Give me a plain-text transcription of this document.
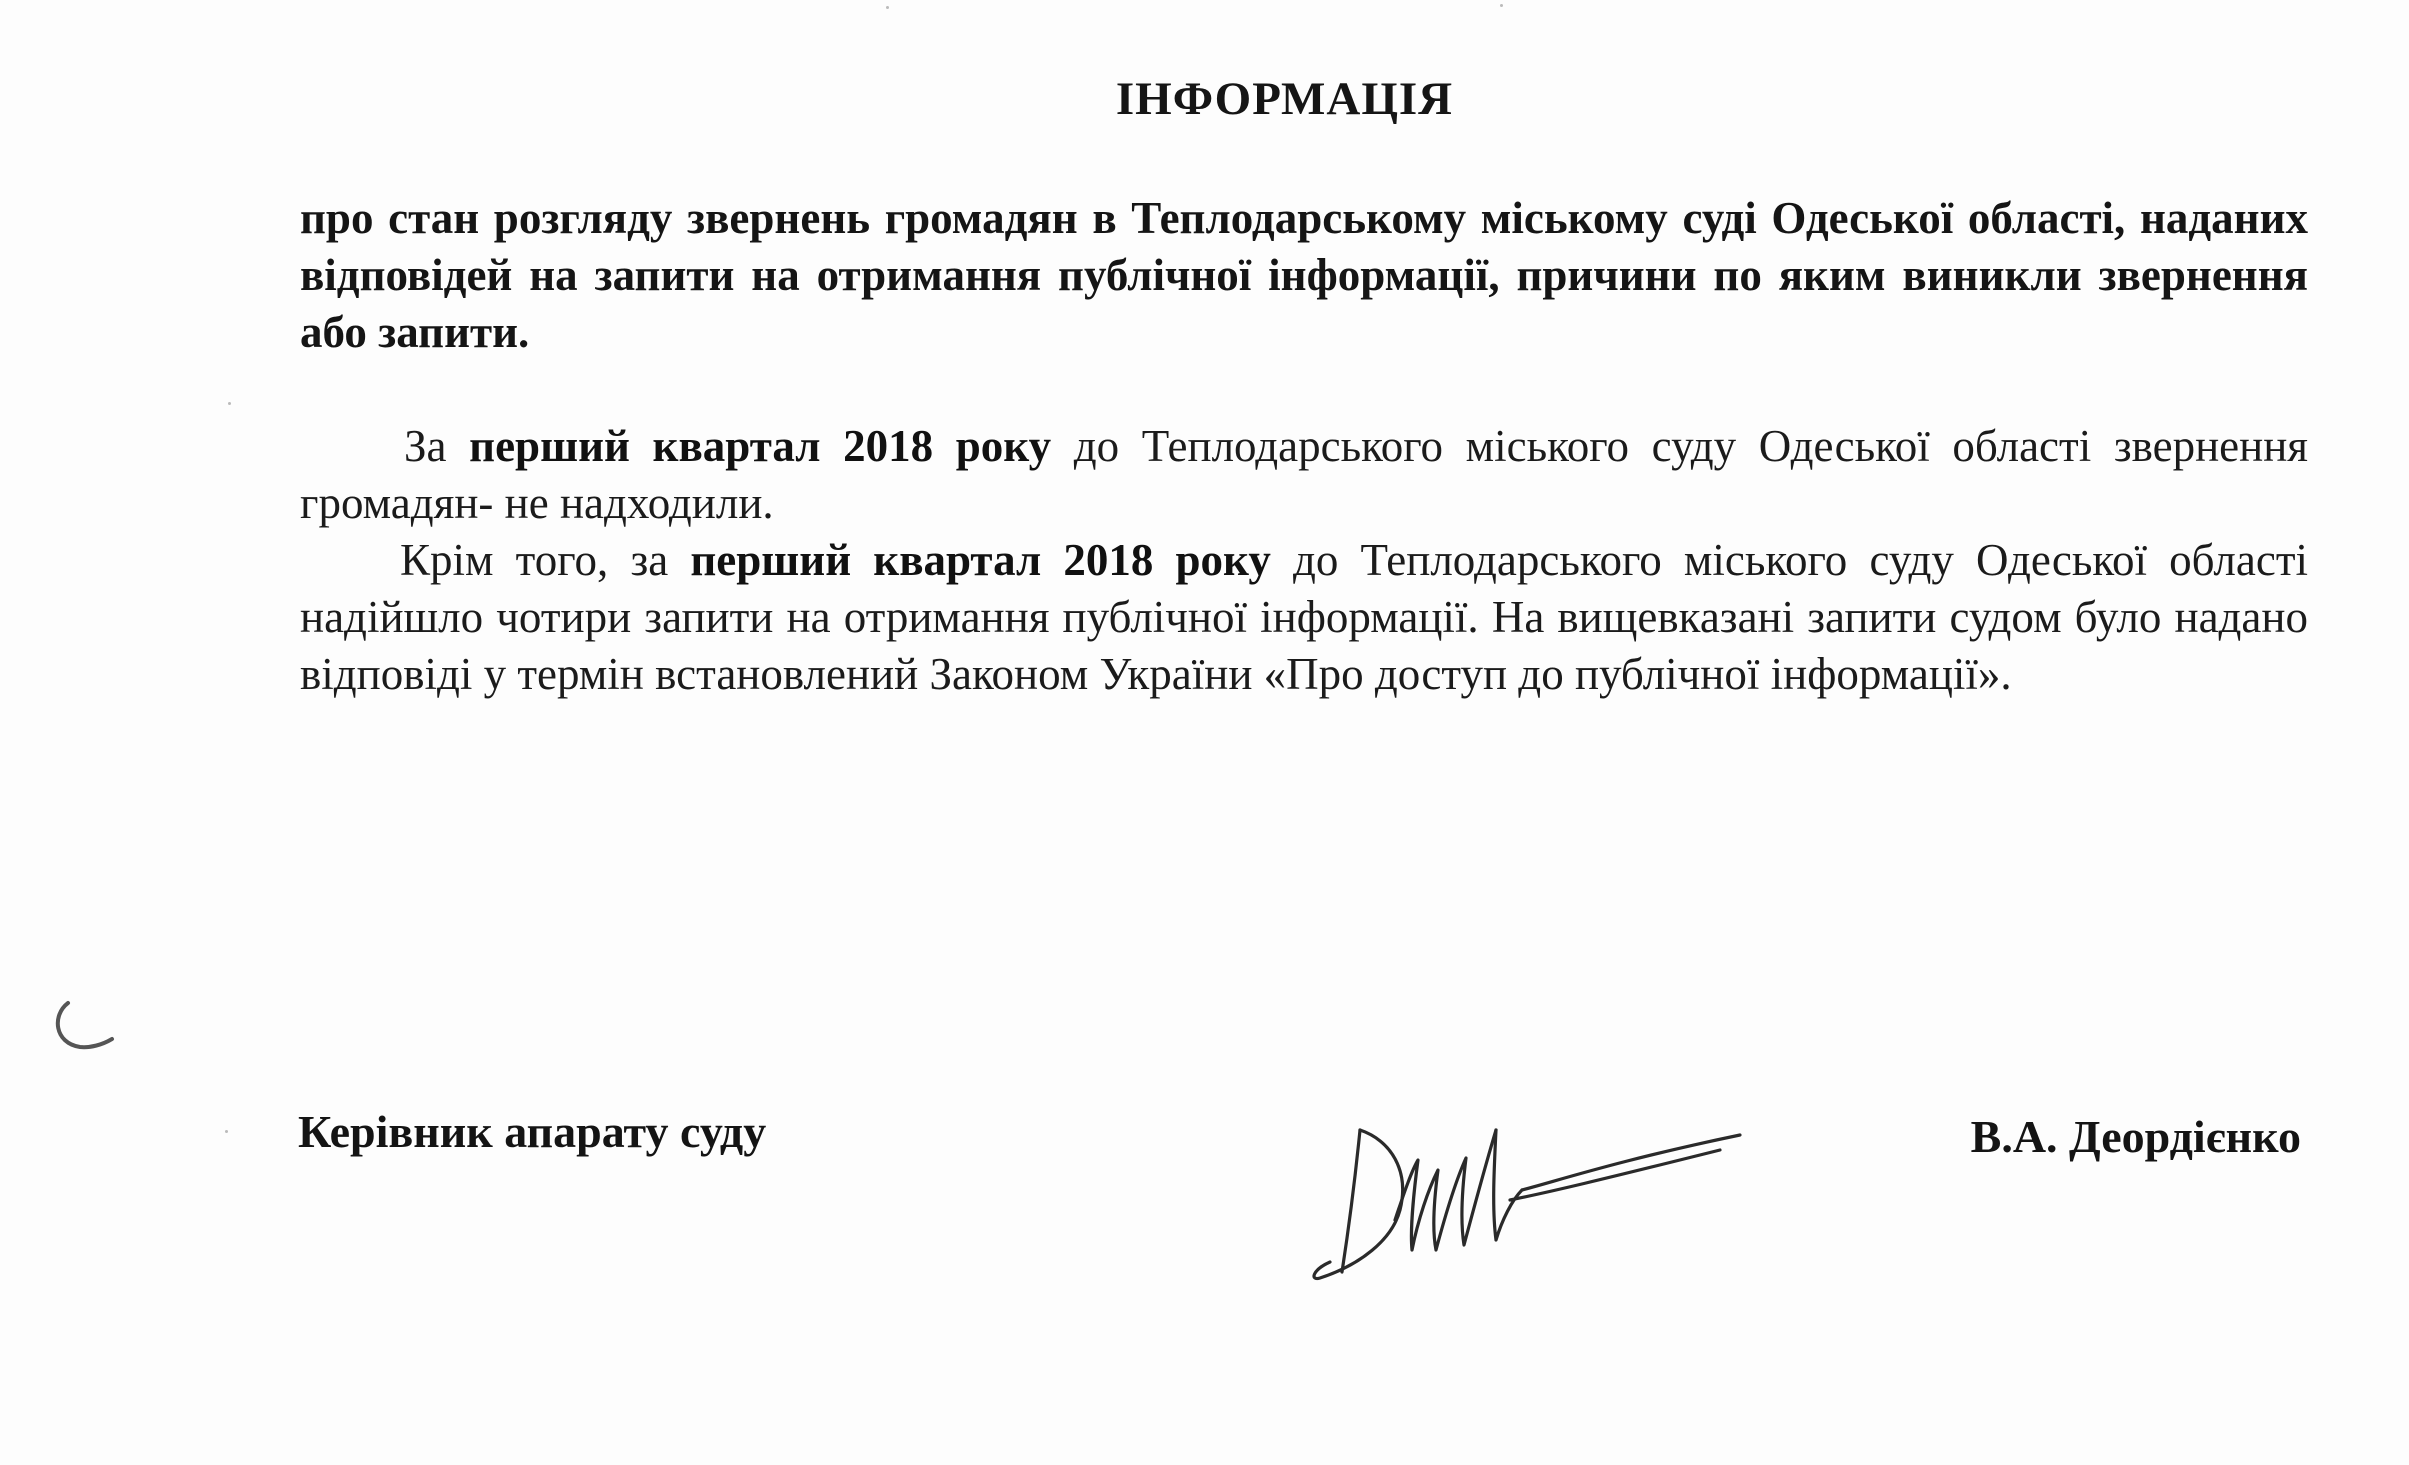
ІНФОРМАЦІЯ
про стан розгляду звернень громадян в Теплодарському міському суді Одеської області, наданих відповідей на запити на отримання публічної інформації, причини по яким виникли звернення або запити.
За перший квартал 2018 року до Теплодарського міського суду Одеської області звернення громадян- не надходили.
Крім того, за перший квартал 2018 року до Теплодарського міського суду Одеської області надійшло чотири запити на отримання публічної інформації. На вищевказані запити судом було надано відповіді у термін встановлений Законом України «Про доступ до публічної інформації».
Керівник апарату суду	В.А. Деордієнко
